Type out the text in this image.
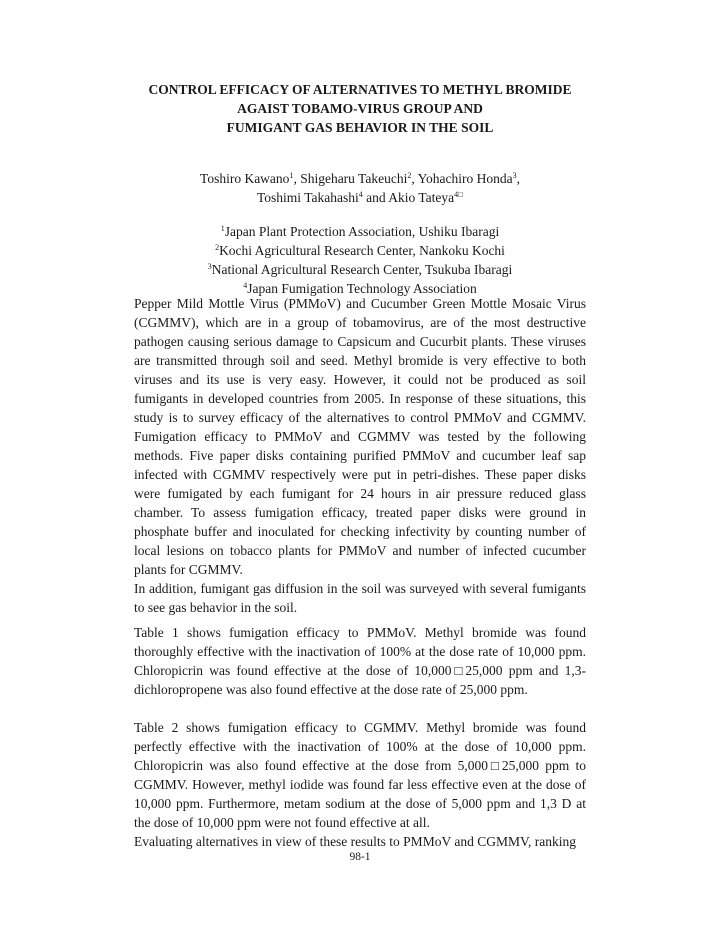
CONTROL EFFICACY OF ALTERNATIVES TO METHYL BROMIDE
AGAIST TOBAMO-VIRUS GROUP AND
FUMIGANT GAS BEHAVIOR IN THE SOIL
Toshiro Kawano$^1$, Shigeharu Takeuchi$^2$, Yohachiro Honda$^3$,
Toshimi Takahashi$^4$ and Akio Tateya$^{4□}$
$^1$Japan Plant Protection Association, Ushiku Ibaragi
$^2$Kochi Agricultural Research Center, Nankoku Kochi
$^3$National Agricultural Research Center, Tsukuba Ibaragi
$^4$Japan Fumigation Technology Association
Pepper Mild Mottle Virus (PMMoV) and Cucumber Green Mottle Mosaic Virus
(CGMMV), which are in a group of tobamovirus, are of the most destructive
pathogen causing serious damage to Capsicum and Cucurbit plants. These viruses
are transmitted through soil and seed. Methyl bromide is very effective to both
viruses and its use is very easy. However, it could not be produced as soil
fumigants in developed countries from 2005. In response of these situations, this
study is to survey efficacy of the alternatives to control PMMoV and CGMMV.
Fumigation efficacy to PMMoV and CGMMV was tested by the following
methods. Five paper disks containing purified PMMoV and cucumber leaf sap
infected with CGMMV respectively were put in petri-dishes. These paper disks
were fumigated by each fumigant for 24 hours in air pressure reduced glass
chamber. To assess fumigation efficacy, treated paper disks were ground in
phosphate buffer and inoculated for checking infectivity by counting number of
local lesions on tobacco plants for PMMoV and number of infected cucumber
plants for CGMMV.
In addition, fumigant gas diffusion in the soil was surveyed with several fumigants
to see gas behavior in the soil.
Table 1 shows fumigation efficacy to PMMoV. Methyl bromide was found
thoroughly effective with the inactivation of 100% at the dose rate of 10,000 ppm.
Chloropicrin was found effective at the dose of 10,000□25,000 ppm and 1,3-
dichloropropene was also found effective at the dose rate of 25,000 ppm.
Table 2 shows fumigation efficacy to CGMMV. Methyl bromide was found
perfectly effective with the inactivation of 100% at the dose of 10,000 ppm.
Chloropicrin was also found effective at the dose from 5,000□25,000 ppm to
CGMMV. However, methyl iodide was found far less effective even at the dose of
10,000 ppm. Furthermore, metam sodium at the dose of 5,000 ppm and 1,3 D at
the dose of 10,000 ppm were not found effective at all.
Evaluating alternatives in view of these results to PMMoV and CGMMV, ranking
98-1
